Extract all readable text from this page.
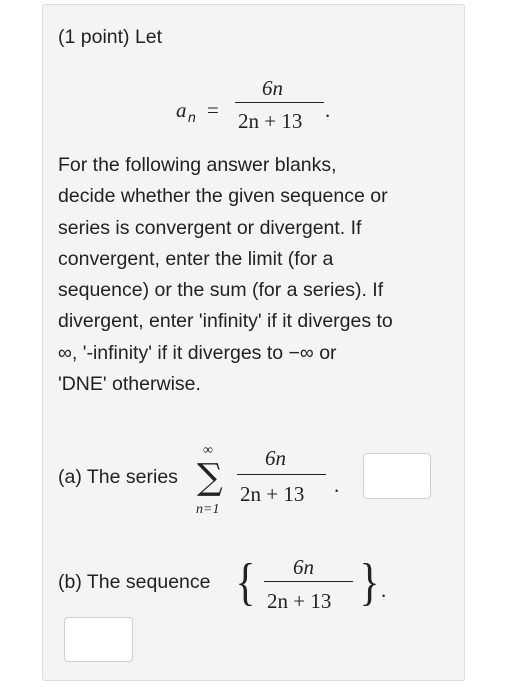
(1 point) Let
a n =
6n
2n + 13 .

For the following answer blanks,

decide whether the given sequence or

series is convergent or divergent. If

convergent, enter the limit (for a

sequence) or the sum (for a series). If

divergent, enter 'infinity' if it diverges to

∞, '-infinity' if it diverges to −∞ or

'DNE' otherwise.

(a) The series
∞
∑
n=1
6n
2n + 13 .
(b) The sequence { 6n
2n + 13 } .
